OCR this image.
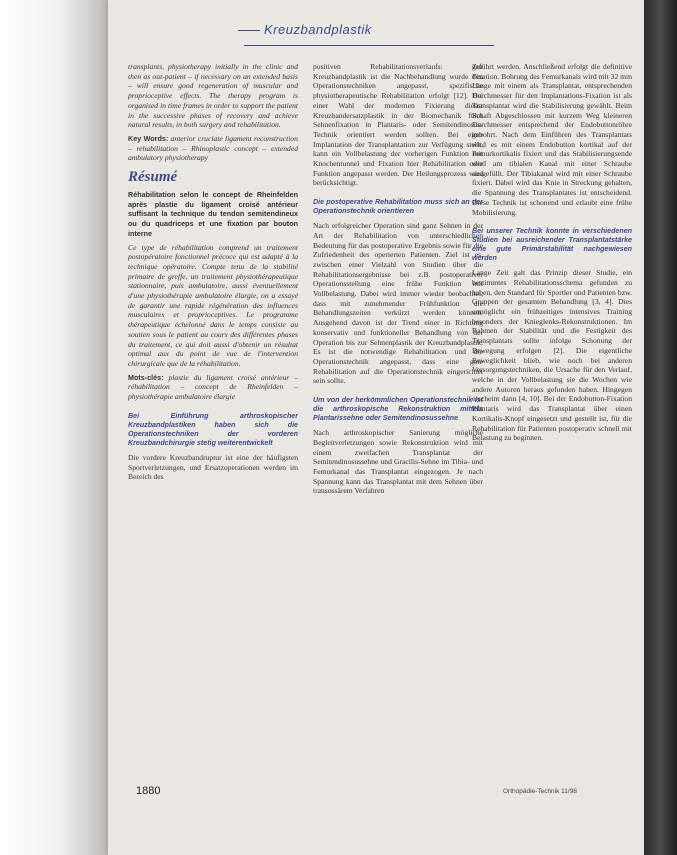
Kreuzbandplastik

transplants, physiotherapy initially in the clinic and then as out-patient – if necessary on an extended basis – will ensure good regeneration of muscular and proprioceptive effects. The therapy program is organised in time frames in order to support the patient in the successive phases of recovery and achieve natural results, in both surgery and rehabilitation.

Key Words: anterior cruciate ligament reconstruction – rehabilitation – Rhinoplastic concept – extended ambulatory physiotherapy

Résumé

Réhabilitation selon le concept de Rheinfelden après plastie du ligament croisé antérieur suffisant la technique du tendon semitendineux ou du quadriceps et une fixation par bouton interne

Ce type de réhabilitation comprend un traitement postopératoire fonctionnel précoce qui est adapté à la technique opératoire. Compte tenu de la stabilité primaire de greffe, un traitement physiothérapeutique stationnaire, puis ambulatoire, aussi éventuellement d'une physiothérapie ambulatoire élargie, on a essayé de garantir une rapide régénération des influences musculaires et proprioceptives. Le programme thérapeutique échelonné dans le temps consiste au soutien sous le patient au cours des différentes phases du traitement, ce qui doit aussi d'obtenir un résultat optimal aux du point de vue de l'intervention chirurgicale que de la réhabilitation.

Mots-clés: plastie du ligament croisé antérieur – réhabilitation – concept de Rheinfelden – physiothérapie ambulatoire élargie

Bei Einführung arthroskopischer Kreuzbandplastiken haben sich die Operationstechniken der vorderen Kreuzbandchirurgie stetig weiterentwickelt

Die vordere Kreuzbandruptur ist eine der häufigsten Sportverletzungen, und Ersatzoperationen werden im Bereich des

positiven Rehabilitationsverlaufs: Zur Kreuzbandplastik ist die Nachbehandlung wurde den Operationstechniken angepasst, spezifische physiotherapeutische Rehabilitation erfolgt [12]. Bei einer Wahl der modernen Fixierung dieser Kreuzbandersatzplastik in der Biomechanik führt Sehnenfixation in Plantaris- oder Semitendinosus-Technik orientiert werden sollten. Bei einer Implantation der Transplantation zur Verfügung stellt, kann ein Vollbelastung der vorherigen Funktion mit Knochentunnel und Fixation hier Rehabilitation oder Funktion angepasst werden. Der Heilungsprozess wird berücksichtigt.

Die postoperative Rehabilitation muss sich an der Operationstechnik orientieren

Nach erfolgreicher Operation sind ganz Sehnen in der Art der Rehabilitation von unterschiedlichen Bedeutung für das postoperative Ergebnis sowie für die Zufriedenheit des operierten Patienten. Ziel ist es, zwischen einer Vielzahl von Studien über die Rehabilitationsergebnisse bei z.B. postoperativer Operationsstellung eine frühe Funktion mit Vollbelastung. Dabei wird immer wieder beobachtet, dass mit zunehmender Frühfunktion die Behandlungszeiten verkürzt werden können. Ausgehend davon ist der Trend einer in Richtung konservativ und funktioneller Behandlung von der Operation bis zur Sehnenplastik der Kreuzbandplastik. Es ist die notwendige Rehabilitation und die Operationstechnik angepasst, dass eine gute Rehabilitation auf die Operationstechnik eingerichtet sein sollte.

Um von der herkömmlichen Operationstechnik ist die arthroskopische Rekonstruktion mittels Plantarissehne oder Semitendinosussehne

Nach arthroskopischer Sanierung mögliche Begleitverletzungen sowie Rekonstruktion wird mit einem zweifachen Transplantat der Semitendinosussehne und Gracilis-Sehne im Tibia- und Femurkanal das Transplantat eingezogen. Je nach Spannung kann das Transplantat mit dem Sehnen über transossärem Verfahren

geführt werden. Anschließend erfolgt die definitive Fixation. Bohrung des Femurkanals wird mit 32 mm Länge mit einem als Transplantat, entsprechenden Durchmesser für den Implantations-Fixation ist als Transplantat wird die Stabilisierung gewählt. Beim Schaft Abgeschlossen mit kurzem Weg kleineren Durchmesser entsprechend der Endobuttonröhre gebohrt. Nach dem Einführen des Transplantats wird es mit einem Endobutton kortikal auf der Femurkortikalis fixiert und das Stabilisierungsende wird am tibialen Kanal mit einer Schraube ausgefüllt. Der Tibiakanal wird mit einer Schraube fixiert. Dabei wird das Knie in Streckung gehalten, die Spannung des Transplantates ist entscheidend. Diese Technik ist schonend und erlaubt eine frühe Mobilisierung.

Bei unserer Technik konnte in verschiedenen Studien bei ausreichender Transplantatstärke eine gute Primärstabilität nachgewiesen werden

Lange Zeit galt das Prinzip dieser Studie, ein bestimmtes Rehabilitationsschema gefunden zu haben, den Standard für Sportler und Patienten bzw. Gruppen der gesamten Behandlung [3, 4]. Dies ermöglicht ein frühzeitiges intensives Training besonders der Knieglenks-Rekonstruktionen. Im Rahmen der Stabilität und die Festigkeit des Transplantats sollte infolge Schonung der Bewegung erfolgen [2]. Die eigentliche Beweglichkeit blieb, wie noch bei anderen Versorgungstechniken, die Ursache für den Verlauf, welche in der Vollbelastung sie die Wochen wie andere Autoren heraus gefunden haben. Hingegen erscheint dann [4, 10]. Bei der Endobutton-Fixation Plantaris wird das Transplantat über einen Kortikalis-Knopf eingesetzt und gestellt ist, für die Rehabilitation für Patienten postoperativ schnell mit Belastung zu beginnen.

1880	Orthopädie-Technik 11/98
